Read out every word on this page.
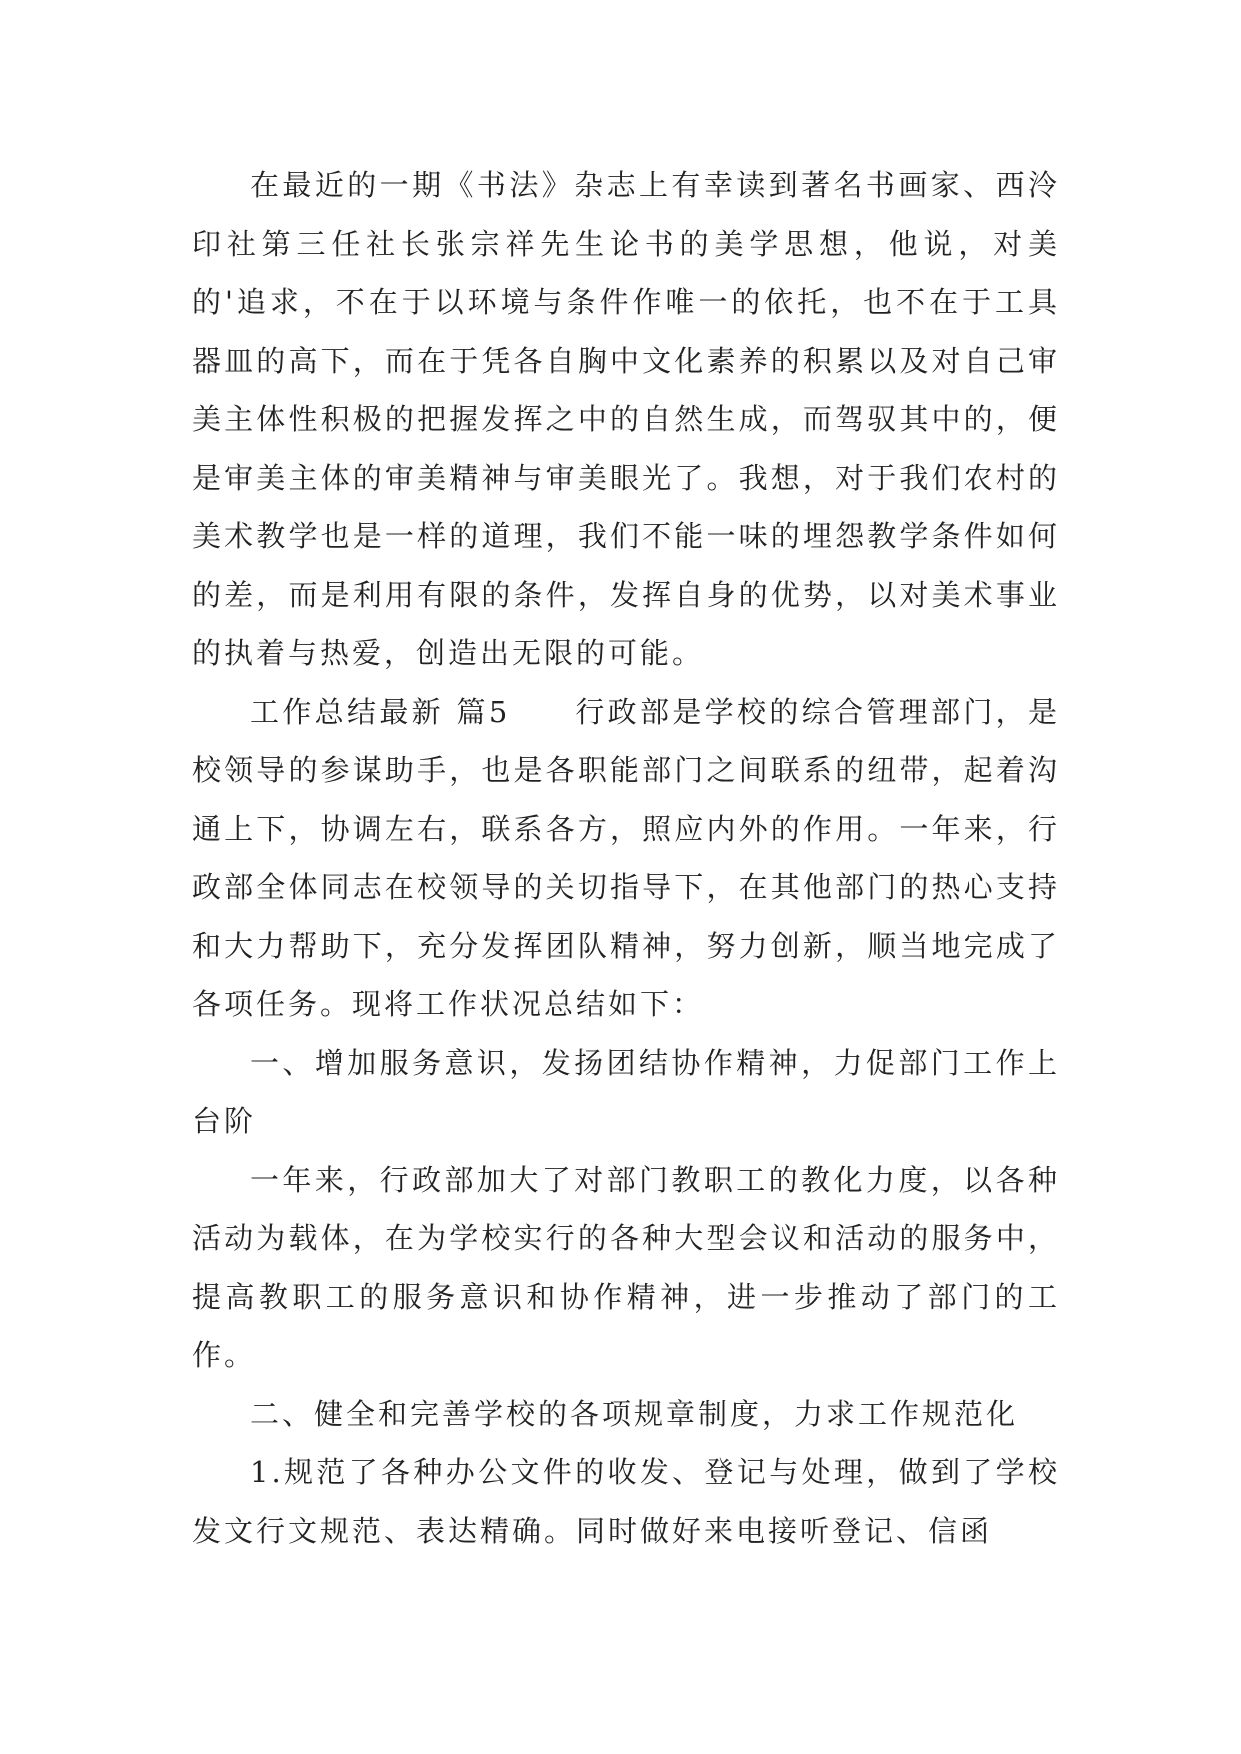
在最近的一期《书法》杂志上有幸读到著名书画家、西泠印社第三任社长张宗祥先生论书的美学思想，他说，对美的'追求，不在于以环境与条件作唯一的依托，也不在于工具器皿的高下，而在于凭各自胸中文化素养的积累以及对自己审美主体性积极的把握发挥之中的自然生成，而驾驭其中的，便是审美主体的审美精神与审美眼光了。我想，对于我们农村的美术教学也是一样的道理，我们不能一味的埋怨教学条件如何的差，而是利用有限的条件，发挥自身的优势，以对美术事业的执着与热爱，创造出无限的可能。

工作总结最新 篇5　　行政部是学校的综合管理部门，是校领导的参谋助手，也是各职能部门之间联系的纽带，起着沟通上下，协调左右，联系各方，照应内外的作用。一年来，行政部全体同志在校领导的关切指导下，在其他部门的热心支持和大力帮助下，充分发挥团队精神，努力创新，顺当地完成了各项任务。现将工作状况总结如下：

一、增加服务意识，发扬团结协作精神，力促部门工作上台阶

一年来，行政部加大了对部门教职工的教化力度，以各种活动为载体，在为学校实行的各种大型会议和活动的服务中，提高教职工的服务意识和协作精神，进一步推动了部门的工作。

二、健全和完善学校的各项规章制度，力求工作规范化

1.规范了各种办公文件的收发、登记与处理，做到了学校发文行文规范、表达精确。同时做好来电接听登记、信函
